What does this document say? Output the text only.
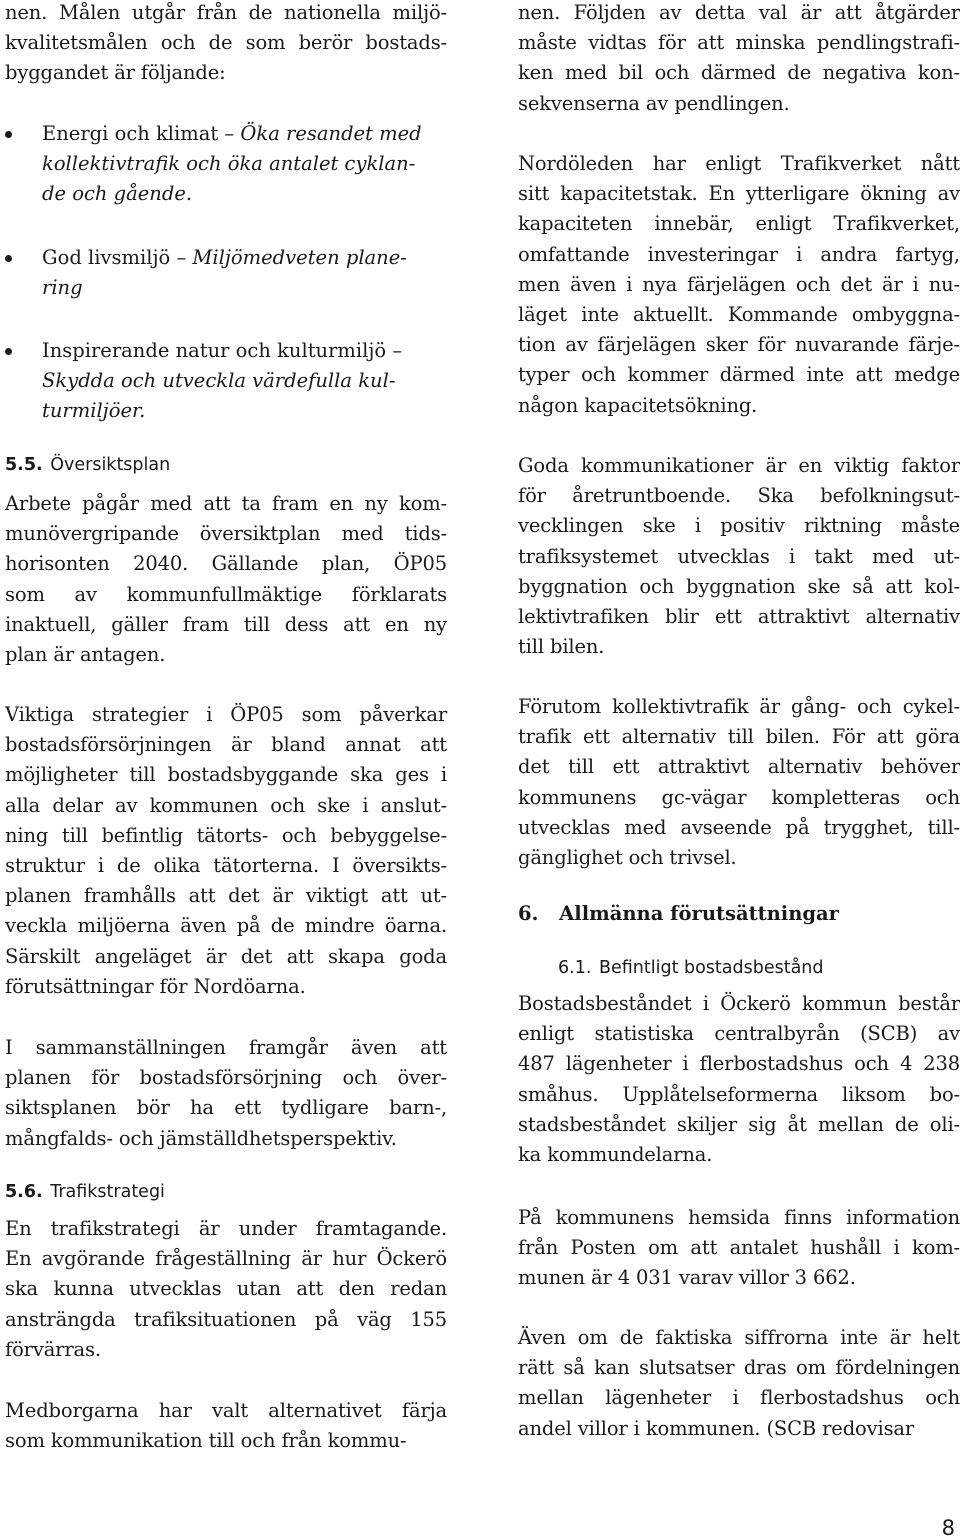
nen. Målen utgår från de nationella miljö-
kvalitetsmålen och de som berör bostads-
byggandet är följande:
Energi och klimat – Öka resandet med
kollektivtrafik och öka antalet cyklan-
de och gående.
God livsmiljö – Miljömedveten plane-
ring
Inspirerande natur och kulturmiljö –
Skydda och utveckla värdefulla kul-
turmiljöer.
5.5. Översiktsplan
Arbete pågår med att ta fram en ny kom-
munövergripande översiktplan med tids-
horisonten 2040. Gällande plan, ÖP05
som av kommunfullmäktige förklarats
inaktuell, gäller fram till dess att en ny
plan är antagen.
Viktiga strategier i ÖP05 som påverkar
bostadsförsörjningen är bland annat att
möjligheter till bostadsbyggande ska ges i
alla delar av kommunen och ske i anslut-
ning till befintlig tätorts- och bebyggelse-
struktur i de olika tätorterna. I översikts-
planen framhålls att det är viktigt att ut-
veckla miljöerna även på de mindre öarna.
Särskilt angeläget är det att skapa goda
förutsättningar för Nordöarna.
I sammanställningen framgår även att
planen för bostadsförsörjning och över-
siktsplanen bör ha ett tydligare barn-,
mångfalds- och jämställdhetsperspektiv.
5.6. Trafikstrategi
En trafikstrategi är under framtagande.
En avgörande frågeställning är hur Öckerö
ska kunna utvecklas utan att den redan
ansträngda trafiksituationen på väg 155
förvärras.
Medborgarna har valt alternativet färja
som kommunikation till och från kommu-
nen. Följden av detta val är att åtgärder
måste vidtas för att minska pendlingstrafi-
ken med bil och därmed de negativa kon-
sekvenserna av pendlingen.
Nordöleden har enligt Trafikverket nått
sitt kapacitetstak. En ytterligare ökning av
kapaciteten innebär, enligt Trafikverket,
omfattande investeringar i andra fartyg,
men även i nya färjelägen och det är i nu-
läget inte aktuellt. Kommande ombyggna-
tion av färjelägen sker för nuvarande färje-
typer och kommer därmed inte att medge
någon kapacitetsökning.
Goda kommunikationer är en viktig faktor
för åretruntboende. Ska befolkningsut-
vecklingen ske i positiv riktning måste
trafiksystemet utvecklas i takt med ut-
byggnation och byggnation ske så att kol-
lektivtrafiken blir ett attraktivt alternativ
till bilen.
Förutom kollektivtrafik är gång- och cykel-
trafik ett alternativ till bilen. För att göra
det till ett attraktivt alternativ behöver
kommunens gc-vägar kompletteras och
utvecklas med avseende på trygghet, till-
gänglighet och trivsel.
6. Allmänna förutsättningar
6.1. Befintligt bostadsbestånd
Bostadsbeståndet i Öckerö kommun består
enligt statistiska centralbyrån (SCB) av
487 lägenheter i flerbostadshus och 4 238
småhus. Upplåtelseformerna liksom bo-
stadsbeståndet skiljer sig åt mellan de oli-
ka kommundelarna.
På kommunens hemsida finns information
från Posten om att antalet hushåll i kom-
munen är 4 031 varav villor 3 662.
Även om de faktiska siffrorna inte är helt
rätt så kan slutsatser dras om fördelningen
mellan lägenheter i flerbostadshus och
andel villor i kommunen. (SCB redovisar
8
